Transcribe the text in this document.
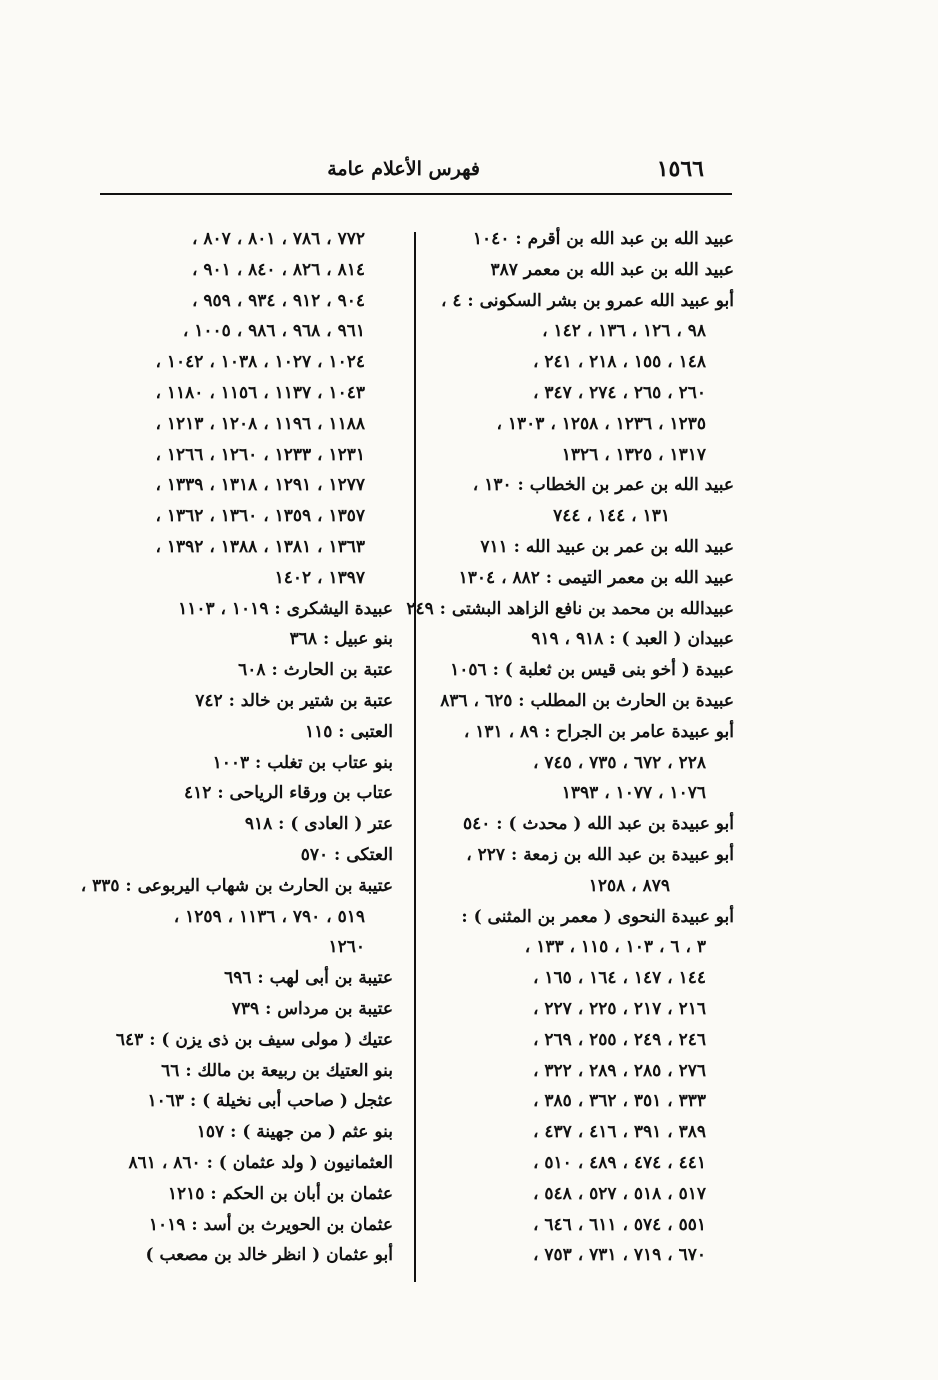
١٥٦٦
فهرس الأعلام عامة
عبيد الله بن عبد الله بن أقرم : ١٠٤٠
عبيد الله بن عبد الله بن معمر ٣٨٧
أبو عبيد الله عمرو بن بشر السكونى : ٤ ،
٩٨ ، ١٢٦ ، ١٣٦ ، ١٤٢ ،
١٤٨ ، ١٥٥ ، ٢١٨ ، ٢٤١ ،
٢٦٠ ، ٢٦٥ ، ٢٧٤ ، ٣٤٧ ،
١٢٣٥ ، ١٢٣٦ ، ١٢٥٨ ، ١٣٠٣ ،
١٣١٧ ، ١٣٢٥ ، ١٣٢٦
عبيد الله بن عمر بن الخطاب : ١٣٠ ،
١٣١ ، ١٤٤ ، ٧٤٤
عبيد الله بن عمر بن عبيد الله : ٧١١
عبيد الله بن معمر التيمى : ٨٨٢ ، ١٣٠٤
عبيدالله بن محمد بن نافع الزاهد البشتى : ٢٤٩
عبيدان ( العبد ) : ٩١٨ ، ٩١٩
عبيدة ( أخو بنى قيس بن ثعلبة ) : ١٠٥٦
عبيدة بن الحارث بن المطلب : ٦٢٥ ، ٨٣٦
أبو عبيدة عامر بن الجراح : ٨٩ ، ١٣١ ،
٢٢٨ ، ٦٧٢ ، ٧٣٥ ، ٧٤٥ ،
١٠٧٦ ، ١٠٧٧ ، ١٣٩٣
أبو عبيدة بن عبد الله ( محدث ) : ٥٤٠
أبو عبيدة بن عبد الله بن زمعة : ٢٢٧ ،
٨٧٩ ، ١٢٥٨
أبو عبيدة النحوى ( معمر بن المثنى ) :
٣ ، ٦ ، ١٠٣ ، ١١٥ ، ١٣٣ ،
١٤٤ ، ١٤٧ ، ١٦٤ ، ١٦٥ ،
٢١٦ ، ٢١٧ ، ٢٢٥ ، ٢٢٧ ،
٢٤٦ ، ٢٤٩ ، ٢٥٥ ، ٢٦٩ ،
٢٧٦ ، ٢٨٥ ، ٢٨٩ ، ٣٢٢ ،
٣٣٣ ، ٣٥١ ، ٣٦٢ ، ٣٨٥ ،
٣٨٩ ، ٣٩١ ، ٤١٦ ، ٤٣٧ ،
٤٤١ ، ٤٧٤ ، ٤٨٩ ، ٥١٠ ،
٥١٧ ، ٥١٨ ، ٥٢٧ ، ٥٤٨ ،
٥٥١ ، ٥٧٤ ، ٦١١ ، ٦٤٦ ،
٦٧٠ ، ٧١٩ ، ٧٣١ ، ٧٥٣ ،
٧٧٢ ، ٧٨٦ ، ٨٠١ ، ٨٠٧ ،
٨١٤ ، ٨٢٦ ، ٨٤٠ ، ٩٠١ ،
٩٠٤ ، ٩١٢ ، ٩٣٤ ، ٩٥٩ ،
٩٦١ ، ٩٦٨ ، ٩٨٦ ، ١٠٠٥ ،
١٠٢٤ ، ١٠٢٧ ، ١٠٣٨ ، ١٠٤٢ ،
١٠٤٣ ، ١١٣٧ ، ١١٥٦ ، ١١٨٠ ،
١١٨٨ ، ١١٩٦ ، ١٢٠٨ ، ١٢١٣ ،
١٢٣١ ، ١٢٣٣ ، ١٢٦٠ ، ١٢٦٦ ،
١٢٧٧ ، ١٢٩١ ، ١٣١٨ ، ١٣٣٩ ،
١٣٥٧ ، ١٣٥٩ ، ١٣٦٠ ، ١٣٦٢ ،
١٣٦٣ ، ١٣٨١ ، ١٣٨٨ ، ١٣٩٢ ،
١٣٩٧ ، ١٤٠٢
عبيدة اليشكرى : ١٠١٩ ، ١١٠٣
بنو عبيل : ٣٦٨
عتبة بن الحارث : ٦٠٨
عتبة بن شتير بن خالد : ٧٤٢
العتبى : ١١٥
بنو عتاب بن تغلب : ١٠٠٣
عتاب بن ورقاء الرياحى : ٤١٢
عتر ( العادى ) : ٩١٨
العتكى : ٥٧٠
عتيبة بن الحارث بن شهاب اليربوعى : ٣٣٥ ،
٥١٩ ، ٧٩٠ ، ١١٣٦ ، ١٢٥٩ ،
١٢٦٠
عتيبة بن أبى لهب : ٦٩٦
عتيبة بن مرداس : ٧٣٩
عتيك ( مولى سيف بن ذى يزن ) : ٦٤٣
بنو العتيك بن ربيعة بن مالك : ٦٦
عثجل ( صاحب أبى نخيلة ) : ١٠٦٣
بنو عثم ( من جهينة ) : ١٥٧
العثمانيون ( ولد عثمان ) : ٨٦٠ ، ٨٦١
عثمان بن أبان بن الحكم : ١٢١٥
عثمان بن الحويرث بن أسد : ١٠١٩
أبو عثمان ( انظر خالد بن مصعب )
